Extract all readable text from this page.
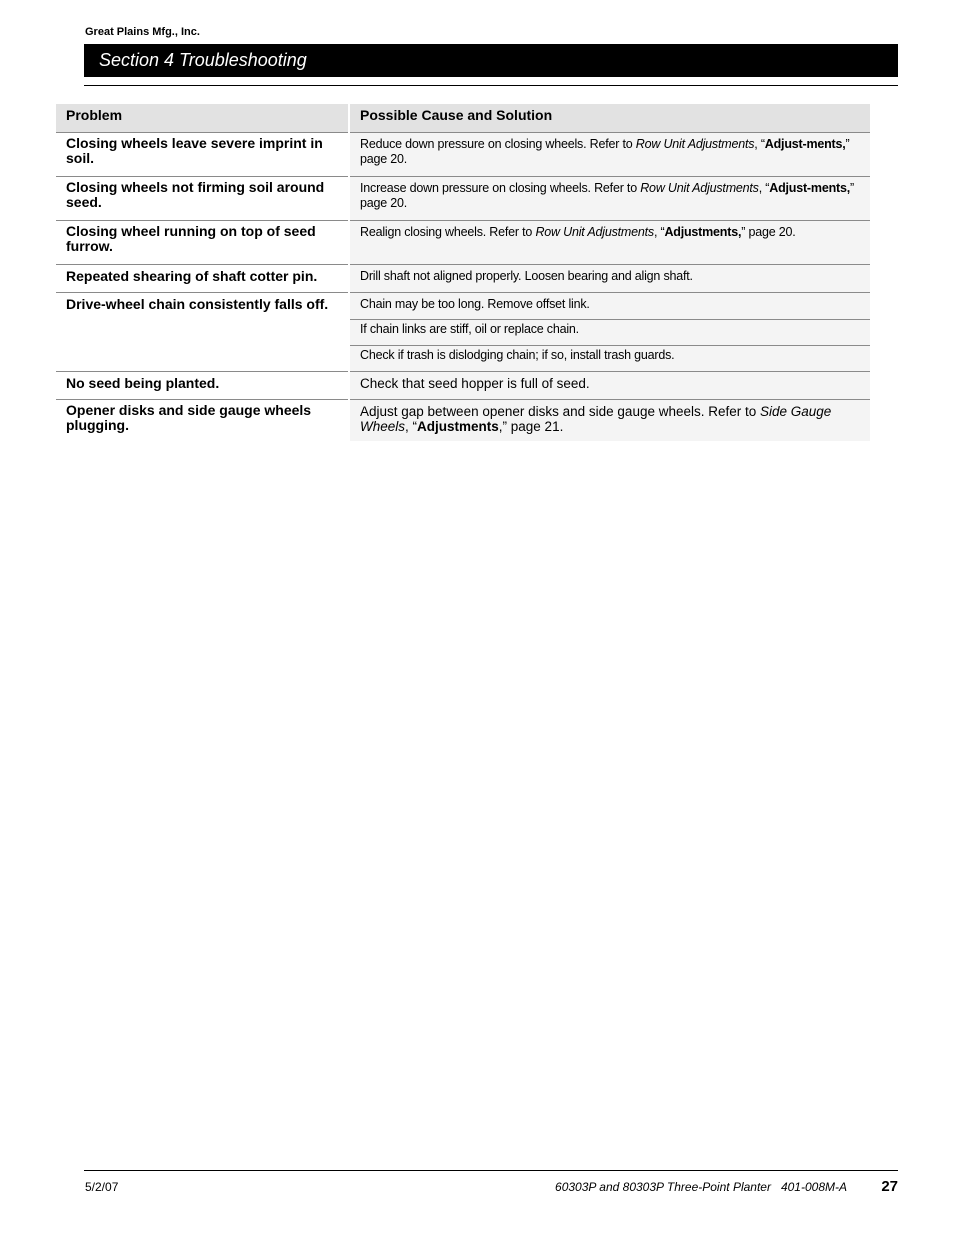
Great Plains Mfg., Inc.
Section 4 Troubleshooting
Problem	Possible Cause and Solution
Closing wheels leave severe imprint in soil.	Reduce down pressure on closing wheels. Refer to Row Unit Adjustments, “Adjust-ments,” page 20.
Closing wheels not firming soil around seed.	Increase down pressure on closing wheels. Refer to Row Unit Adjustments, “Adjust-ments,” page 20.
Closing wheel running on top of seed furrow.	Realign closing wheels. Refer to Row Unit Adjustments, “Adjustments,” page 20.
Repeated shearing of shaft cotter pin.	Drill shaft not aligned properly. Loosen bearing and align shaft.
Drive-wheel chain consistently falls off.	Chain may be too long. Remove offset link.
	If chain links are stiff, oil or replace chain.
	Check if trash is dislodging chain; if so, install trash guards.
No seed being planted.	Check that seed hopper is full of seed.
Opener disks and side gauge wheels plugging.	Adjust gap between opener disks and side gauge wheels. Refer to Side Gauge Wheels, “Adjustments,” page 21.
5/2/07	60303P and 80303P Three-Point Planter   401-008M-A 27
